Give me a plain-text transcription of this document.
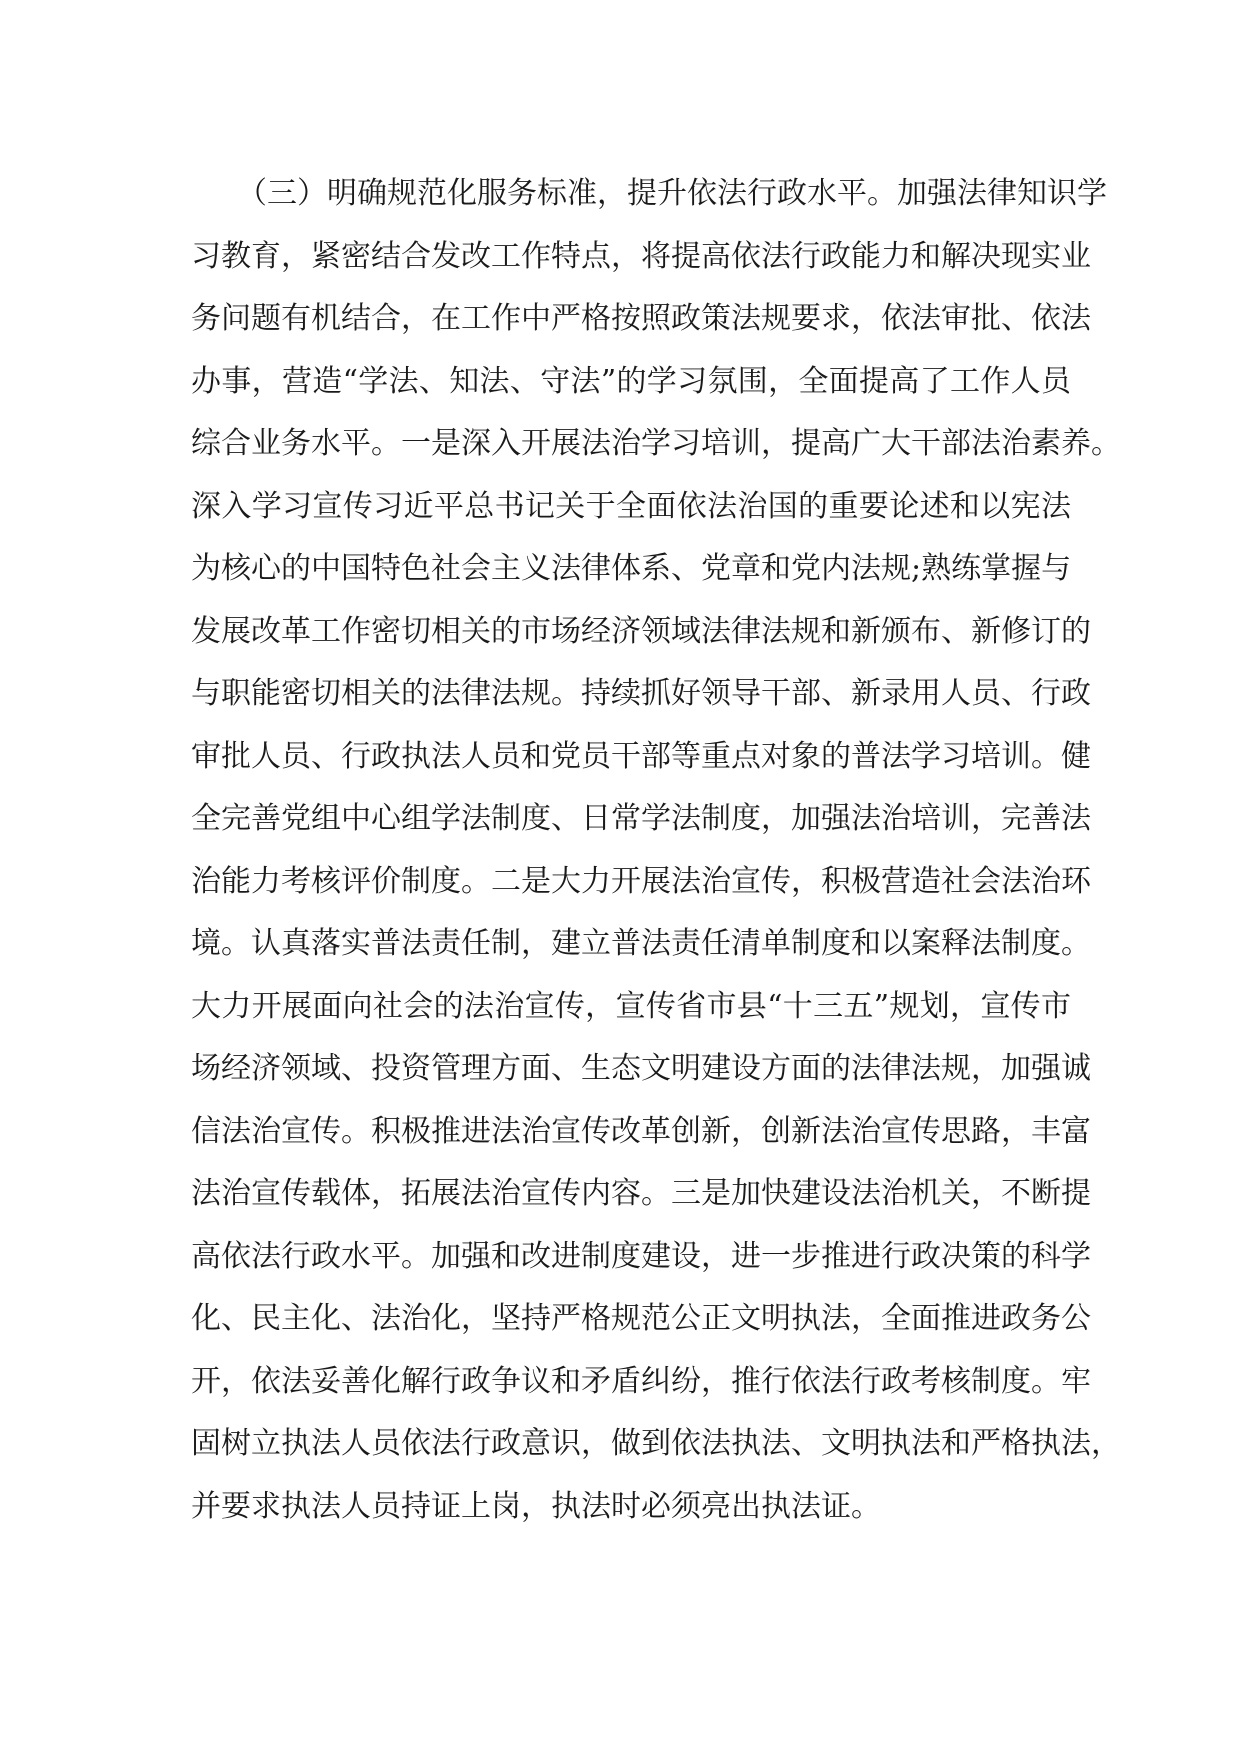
（三）明确规范化服务标准，提升依法行政水平。加强法律知识学
习教育，紧密结合发改工作特点，将提高依法行政能力和解决现实业
务问题有机结合，在工作中严格按照政策法规要求，依法审批、依法
办事，营造“学法、知法、守法”的学习氛围，全面提高了工作人员
综合业务水平。一是深入开展法治学习培训，提高广大干部法治素养。
深入学习宣传习近平总书记关于全面依法治国的重要论述和以宪法
为核心的中国特色社会主义法律体系、党章和党内法规;熟练掌握与
发展改革工作密切相关的市场经济领域法律法规和新颁布、新修订的
与职能密切相关的法律法规。持续抓好领导干部、新录用人员、行政
审批人员、行政执法人员和党员干部等重点对象的普法学习培训。健
全完善党组中心组学法制度、日常学法制度，加强法治培训，完善法
治能力考核评价制度。二是大力开展法治宣传，积极营造社会法治环
境。认真落实普法责任制，建立普法责任清单制度和以案释法制度。
大力开展面向社会的法治宣传，宣传省市县“十三五”规划，宣传市
场经济领域、投资管理方面、生态文明建设方面的法律法规，加强诚
信法治宣传。积极推进法治宣传改革创新，创新法治宣传思路，丰富
法治宣传载体，拓展法治宣传内容。三是加快建设法治机关，不断提
高依法行政水平。加强和改进制度建设，进一步推进行政决策的科学
化、民主化、法治化，坚持严格规范公正文明执法，全面推进政务公
开，依法妥善化解行政争议和矛盾纠纷，推行依法行政考核制度。牢
固树立执法人员依法行政意识，做到依法执法、文明执法和严格执法，
并要求执法人员持证上岗，执法时必须亮出执法证。
